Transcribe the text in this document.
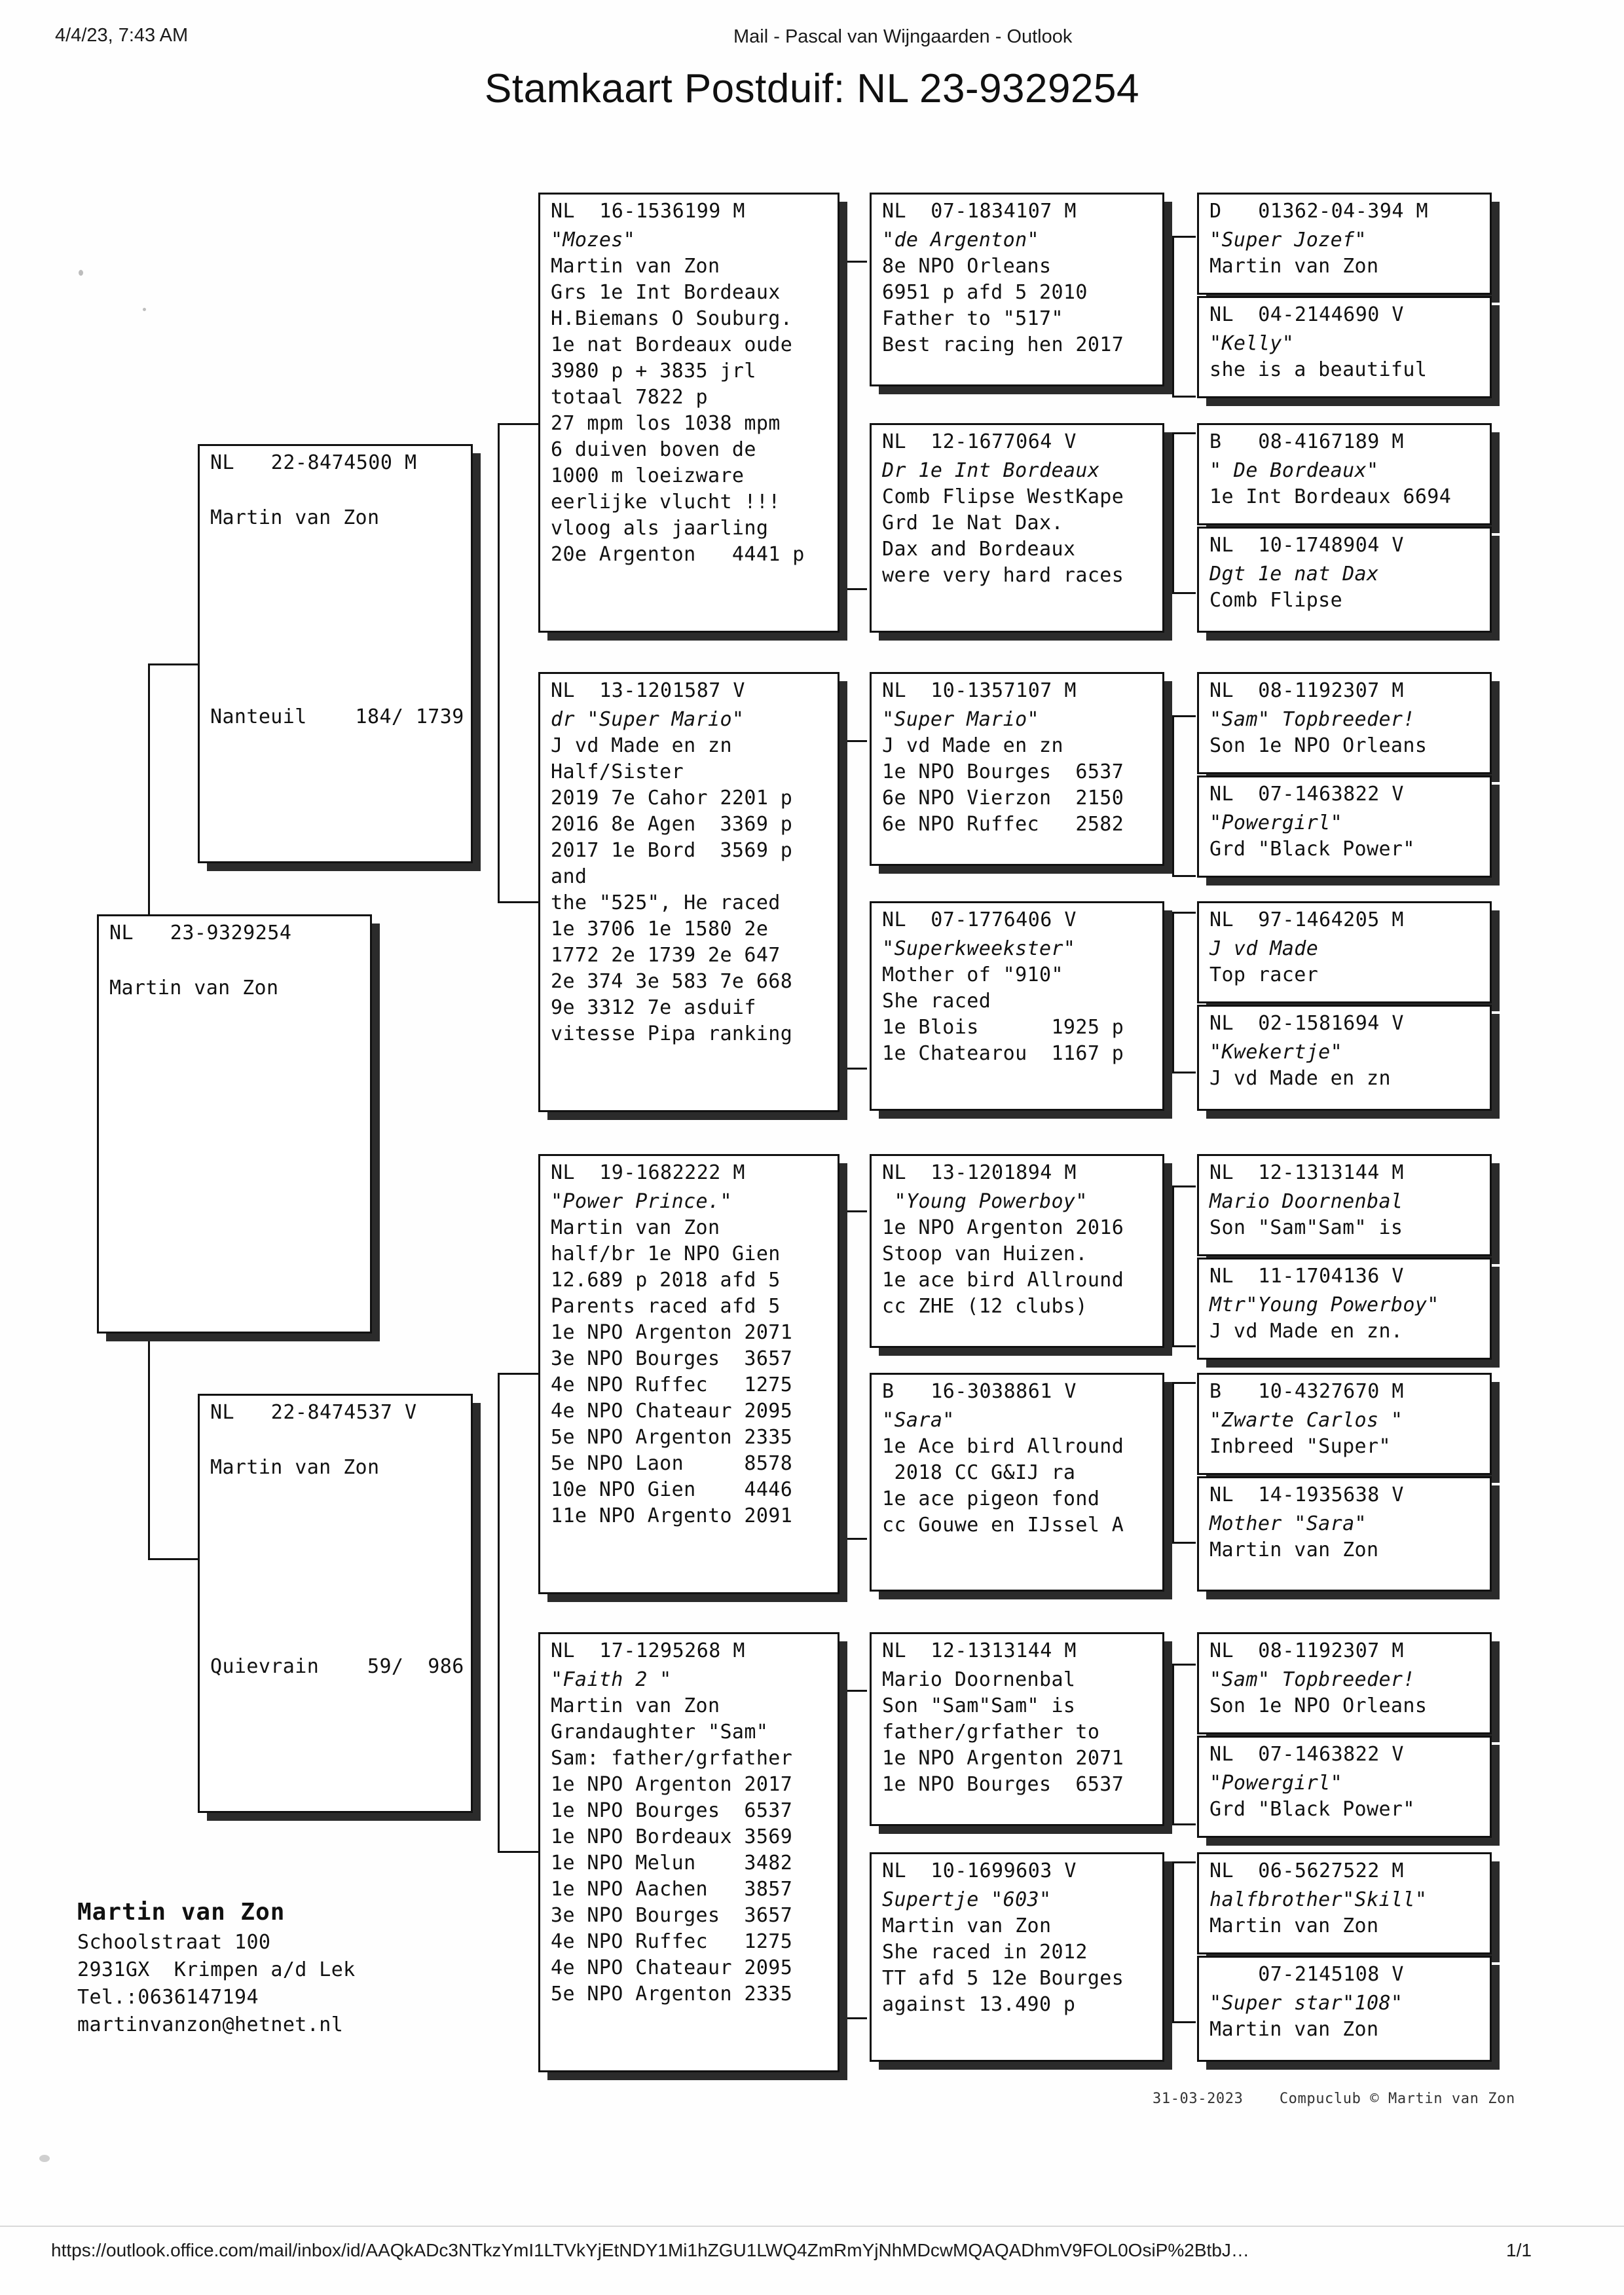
4/4/23, 7:43 AM	Mail - Pascal van Wijngaarden - Outlook
Stamkaart Postduif: NL 23-9329254
NL   22-8474500 M
Martin van Zon
Nanteuil    184/ 1739
NL   23-9329254
Martin van Zon
NL   22-8474537 V
Martin van Zon
Quievrain    59/  986
NL  16-1536199 M
"Mozes"
Martin van Zon
Grs 1e Int Bordeaux
H.Biemans O Souburg.
1e nat Bordeaux oude
3980 p + 3835 jrl
totaal 7822 p
27 mpm los 1038 mpm
6 duiven boven de
1000 m loeizware
eerlijke vlucht !!!
vloog als jaarling
20e Argenton   4441 p
NL  13-1201587 V
dr "Super Mario"
J vd Made en zn
Half/Sister
2019 7e Cahor 2201 p
2016 8e Agen  3369 p
2017 1e Bord  3569 p
and
the "525", He raced
1e 3706 1e 1580 2e
1772 2e 1739 2e 647
2e 374 3e 583 7e 668
9e 3312 7e asduif
vitesse Pipa ranking
NL  19-1682222 M
"Power Prince."
Martin van Zon
half/br 1e NPO Gien
12.689 p 2018 afd 5
Parents raced afd 5
1e NPO Argenton 2071
3e NPO Bourges  3657
4e NPO Ruffec   1275
4e NPO Chateaur 2095
5e NPO Argenton 2335
5e NPO Laon     8578
10e NPO Gien    4446
11e NPO Argento 2091
NL  17-1295268 M
"Faith 2 "
Martin van Zon
Grandaughter "Sam"
Sam: father/grfather
1e NPO Argenton 2017
1e NPO Bourges  6537
1e NPO Bordeaux 3569
1e NPO Melun    3482
1e NPO Aachen   3857
3e NPO Bourges  3657
4e NPO Ruffec   1275
4e NPO Chateaur 2095
5e NPO Argenton 2335
NL  07-1834107 M
"de Argenton"
8e NPO Orleans
6951 p afd 5 2010
Father to "517"
Best racing hen 2017
NL  12-1677064 V
Dr 1e Int Bordeaux
Comb Flipse WestKape
Grd 1e Nat Dax.
Dax and Bordeaux
were very hard races
NL  10-1357107 M
"Super Mario"
J vd Made en zn
1e NPO Bourges  6537
6e NPO Vierzon  2150
6e NPO Ruffec   2582
NL  07-1776406 V
"Superkweekster"
Mother of "910"
She raced
1e Blois      1925 p
1e Chatearou  1167 p
NL  13-1201894 M
"Young Powerboy"
1e NPO Argenton 2016
Stoop van Huizen.
1e ace bird Allround
cc ZHE (12 clubs)
B   16-3038861 V
"Sara"
1e Ace bird Allround
2018 CC G&IJ ra
1e ace pigeon fond
cc Gouwe en IJssel A
NL  12-1313144 M
Mario Doornenbal
Son "Sam"Sam" is
father/grfather to
1e NPO Argenton 2071
1e NPO Bourges  6537
NL  10-1699603 V
Supertje "603"
Martin van Zon
She raced in 2012
TT afd 5 12e Bourges
against 13.490 p
D   01362-04-394 M
"Super Jozef"
Martin van Zon
NL  04-2144690 V
"Kelly"
she is a beautiful
B   08-4167189 M
" De Bordeaux"
1e Int Bordeaux 6694
NL  10-1748904 V
Dgt 1e nat Dax
Comb Flipse
NL  08-1192307 M
"Sam" Topbreeder!
Son 1e NPO Orleans
NL  07-1463822 V
"Powergirl"
Grd "Black Power"
NL  97-1464205 M
J vd Made
Top racer
NL  02-1581694 V
"Kwekertje"
J vd Made en zn
NL  12-1313144 M
Mario Doornenbal
Son "Sam"Sam" is
NL  11-1704136 V
Mtr"Young Powerboy"
J vd Made en zn.
B   10-4327670 M
"Zwarte Carlos "
Inbreed "Super"
NL  14-1935638 V
Mother "Sara"
Martin van Zon
NL  08-1192307 M
"Sam" Topbreeder!
Son 1e NPO Orleans
NL  07-1463822 V
"Powergirl"
Grd "Black Power"
NL  06-5627522 M
halfbrother"Skill"
Martin van Zon
07-2145108 V
"Super star"108"
Martin van Zon
Martin van Zon
Schoolstraat 100
2931GX  Krimpen a/d Lek
Tel.:0636147194
martinvanzon@hetnet.nl
31-03-2023    Compuclub © Martin van Zon
https://outlook.office.com/mail/inbox/id/AAQkADc3NTkzYmI1LTVkYjEtNDY1Mi1hZGU1LWQ4ZmRmYjNhMDcwMQAQADhmV9FOL0OsiP%2BtbJ…	1/1
